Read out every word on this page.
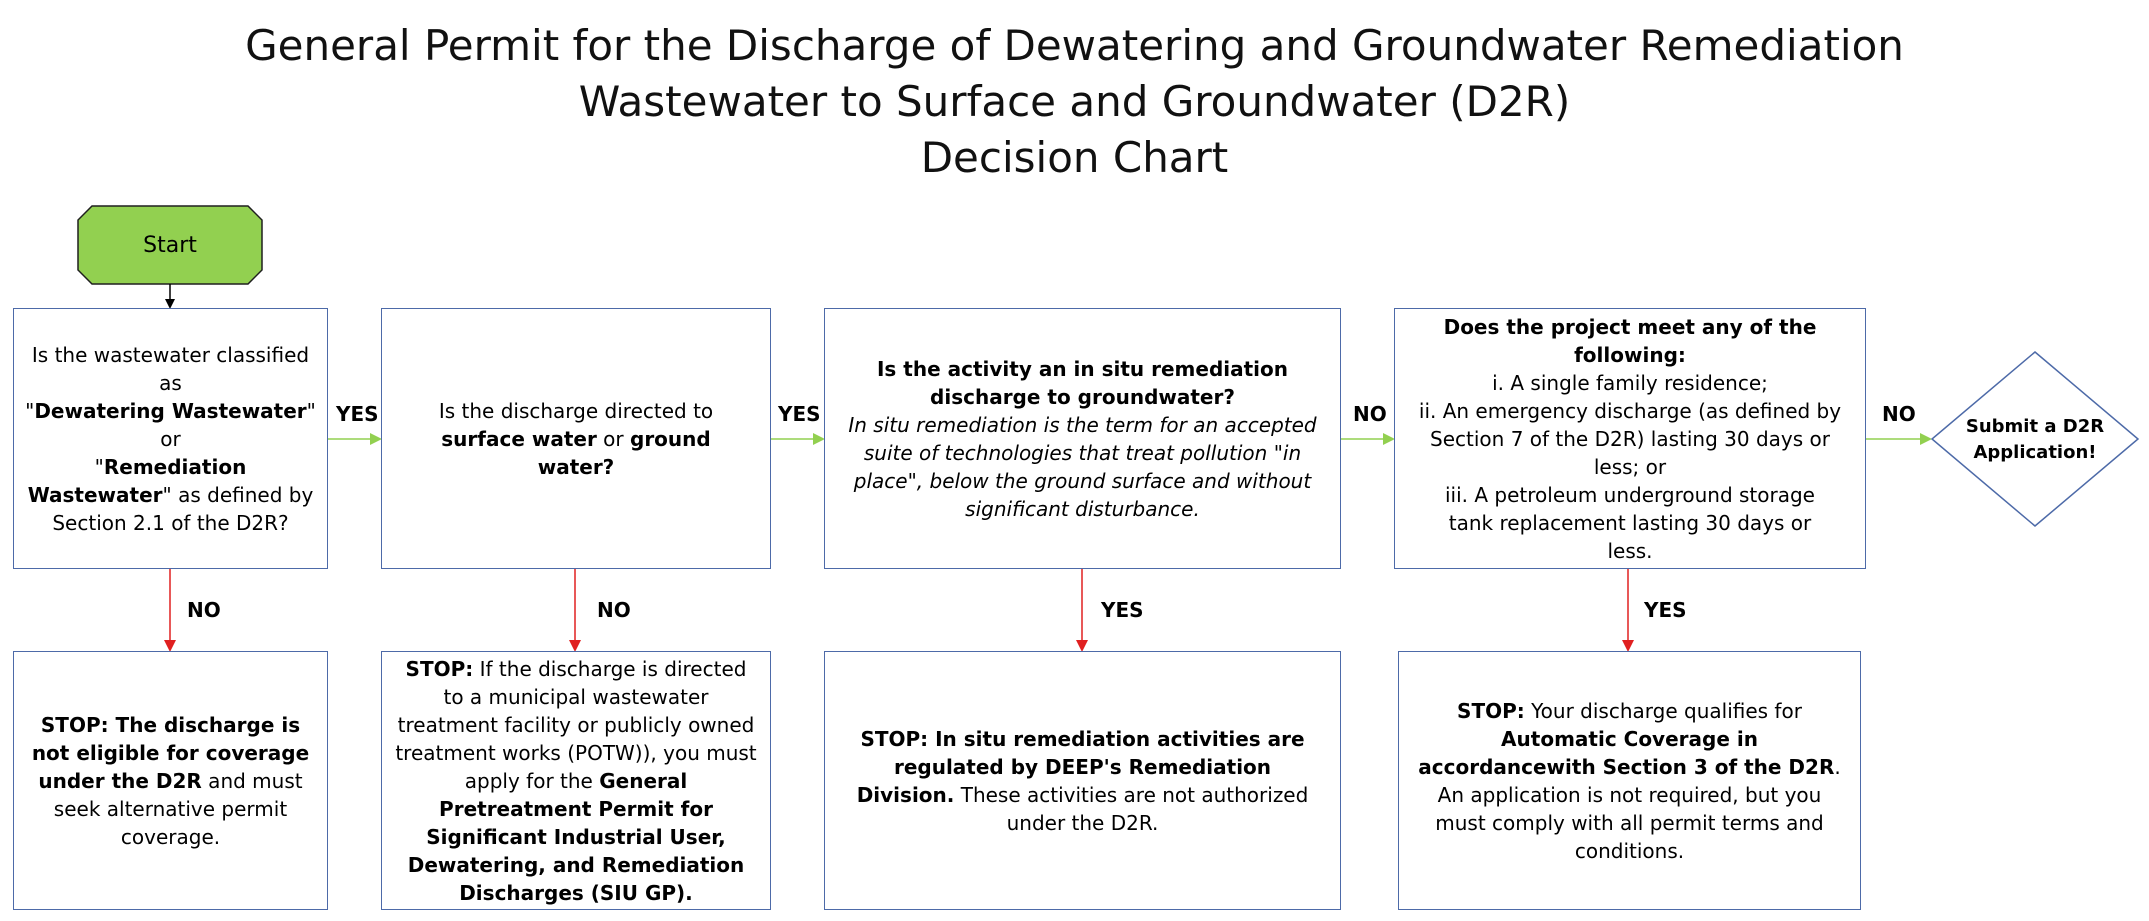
General Permit for the Discharge of Dewatering and Groundwater Remediation
Wastewater to Surface and Groundwater (D2R)
Decision Chart
Start
Is the wastewater classified as
"Dewatering Wastewater" or
"Remediation Wastewater" as defined by Section 2.1 of the D2R?
Is the discharge directed to surface water or ground water?
Is the activity an in situ remediation discharge to groundwater?
In situ remediation is the term for an accepted suite of technologies that treat pollution "in place", below the ground surface and without significant disturbance.
Does the project meet any of the following:
i. A single family residence;
ii. An emergency discharge (as defined by Section 7 of the D2R) lasting 30 days or less; or
iii. A petroleum underground storage tank replacement lasting 30 days or less.
Submit a D2R
Application!
YES	YES	NO	NO
NO	NO	YES	YES
STOP: The discharge is not eligible for coverage under the D2R and must seek alternative permit coverage.
STOP: If the discharge is directed to a municipal wastewater treatment facility or publicly owned treatment works (POTW)), you must apply for the General Pretreatment Permit for Significant Industrial User, Dewatering, and Remediation Discharges (SIU GP).
STOP: In situ remediation activities are regulated by DEEP's Remediation Division. These activities are not authorized under the D2R.
STOP: Your discharge qualifies for Automatic Coverage in accordancewith Section 3 of the D2R. An application is not required, but you must comply with all permit terms and conditions.
